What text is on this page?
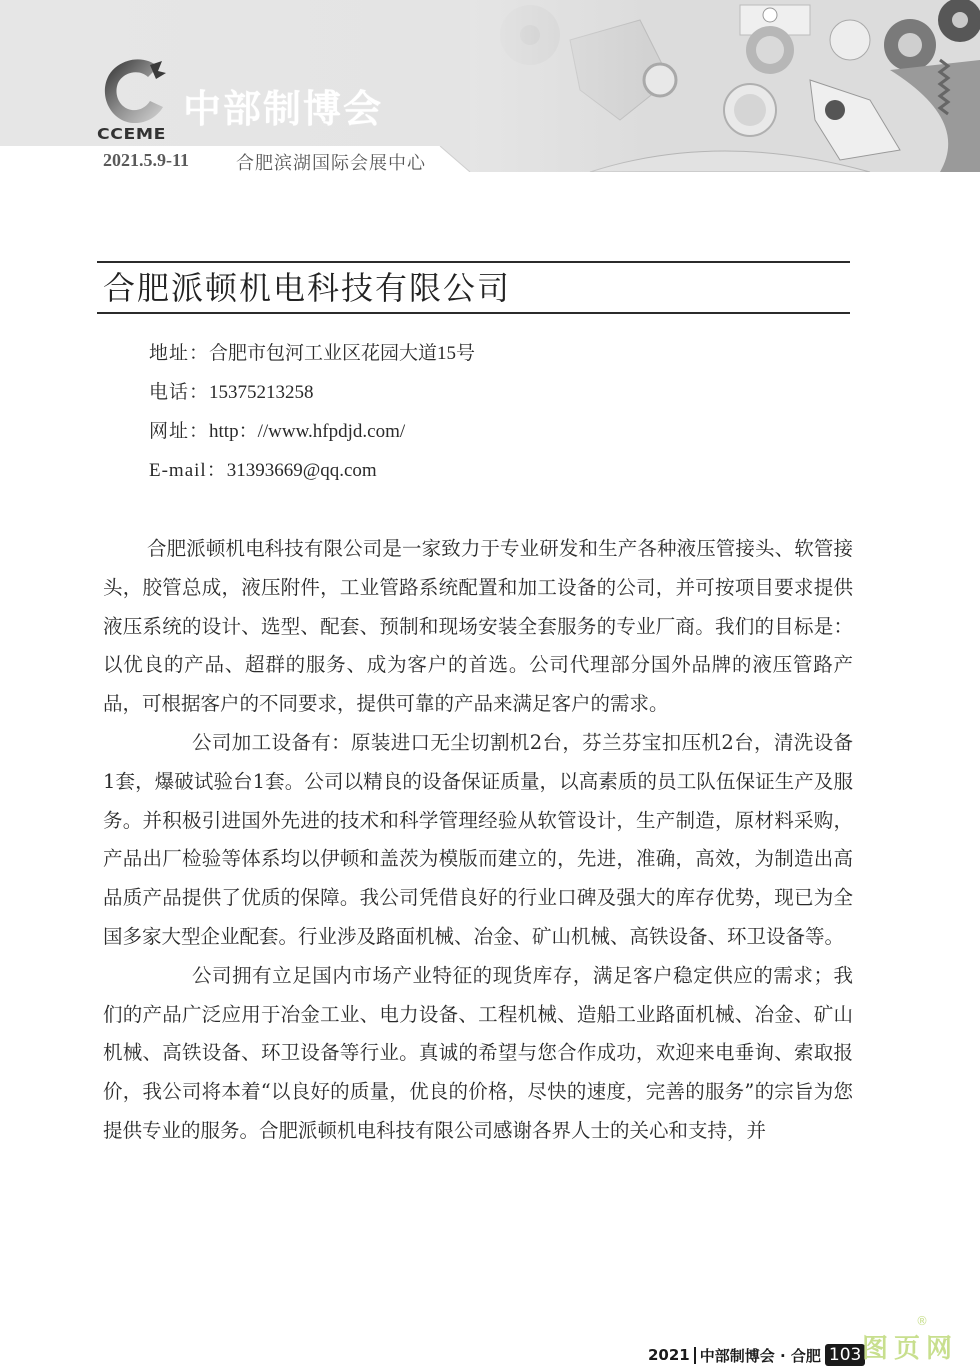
CCEME
中部制博会
2021.5.9-11	合肥滨湖国际会展中心
合肥派顿机电科技有限公司
地址：合肥市包河工业区花园大道15号
电话：15375213258
网址：http：//www.hfpdjd.com/
E-mail：31393669@qq.com

合肥派顿机电科技有限公司是一家致力于专业研发和生产各种液压管接头、软管接头，胶管总成，液压附件，工业管路系统配置和加工设备的公司，并可按项目要求提供液压系统的设计、选型、配套、预制和现场安装全套服务的专业厂商。我们的目标是：以优良的产品、超群的服务、成为客户的首选。公司代理部分国外品牌的液压管路产品，可根据客户的不同要求，提供可靠的产品来满足客户的需求。

公司加工设备有：原装进口无尘切割机2台，芬兰芬宝扣压机2台，清洗设备1套，爆破试验台1套。公司以精良的设备保证质量，以高素质的员工队伍保证生产及服务。并积极引进国外先进的技术和科学管理经验从软管设计，生产制造，原材料采购，产品出厂检验等体系均以伊顿和盖茨为模版而建立的，先进，准确，高效，为制造出高品质产品提供了优质的保障。我公司凭借良好的行业口碑及强大的库存优势，现已为全国多家大型企业配套。行业涉及路面机械、冶金、矿山机械、高铁设备、环卫设备等。

公司拥有立足国内市场产业特征的现货库存，满足客户稳定供应的需求；我们的产品广泛应用于冶金工业、电力设备、工程机械、造船工业路面机械、冶金、矿山机械、高铁设备、环卫设备等行业。真诚的希望与您合作成功，欢迎来电垂询、索取报价，我公司将本着“以良好的质量，优良的价格，尽快的速度，完善的服务”的宗旨为您提供专业的服务。合肥派顿机电科技有限公司感谢各界人士的关心和支持，并

2021 中部制博会 · 合肥 103 图页网
®
